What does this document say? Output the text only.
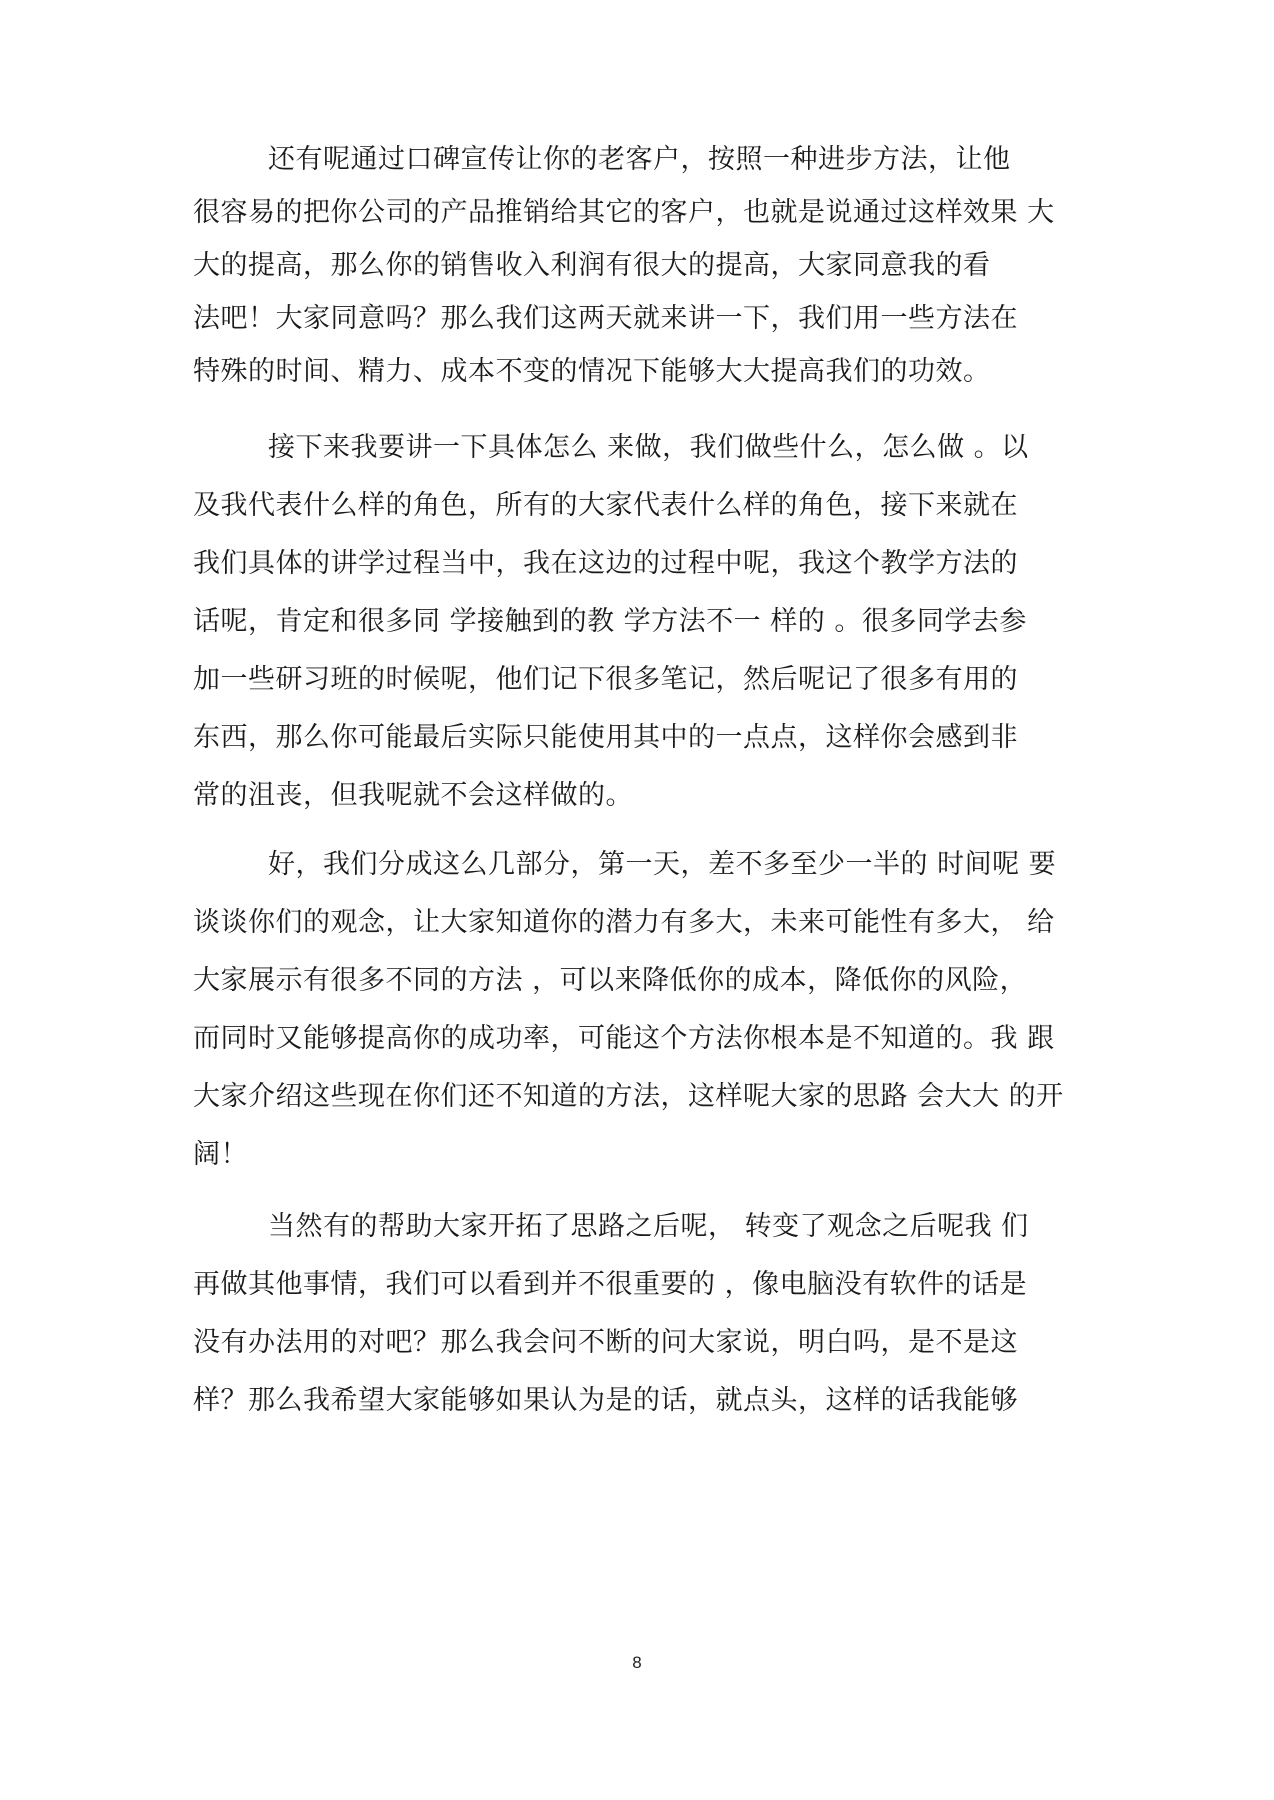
还有呢通过口碑宣传让你的老客户，按照一种进步方法，让他

很容易的把你公司的产品推销给其它的客户，也就是说通过这样效果 大

大的提高，那么你的销售收入利润有很大的提高，大家同意我的看

法吧！大家同意吗？那么我们这两天就来讲一下，我们用一些方法在

特殊的时间、精力、成本不变的情况下能够大大提高我们的功效。

接下来我要讲一下具体怎么 来做，我们做些什么，怎么做 。以

及我代表什么样的角色，所有的大家代表什么样的角色，接下来就在

我们具体的讲学过程当中，我在这边的过程中呢，我这个教学方法的

话呢，肯定和很多同 学接触到的教 学方法不一 样的 。很多同学去参

加一些研习班的时候呢，他们记下很多笔记，然后呢记了很多有用的

东西，那么你可能最后实际只能使用其中的一点点，这样你会感到非

常的沮丧，但我呢就不会这样做的。

好，我们分成这么几部分，第一天，差不多至少一半的 时间呢 要

谈谈你们的观念，让大家知道你的潜力有多大，未来可能性有多大， 给

大家展示有很多不同的方法 ，可以来降低你的成本，降低你的风险，

而同时又能够提高你的成功率，可能这个方法你根本是不知道的。我 跟

大家介绍这些现在你们还不知道的方法，这样呢大家的思路 会大大 的开

阔！

当然有的帮助大家开拓了思路之后呢， 转变了观念之后呢我 们

再做其他事情，我们可以看到并不很重要的 ，像电脑没有软件的话是

没有办法用的对吧？那么我会问不断的问大家说，明白吗，是不是这

样？那么我希望大家能够如果认为是的话，就点头，这样的话我能够

8
